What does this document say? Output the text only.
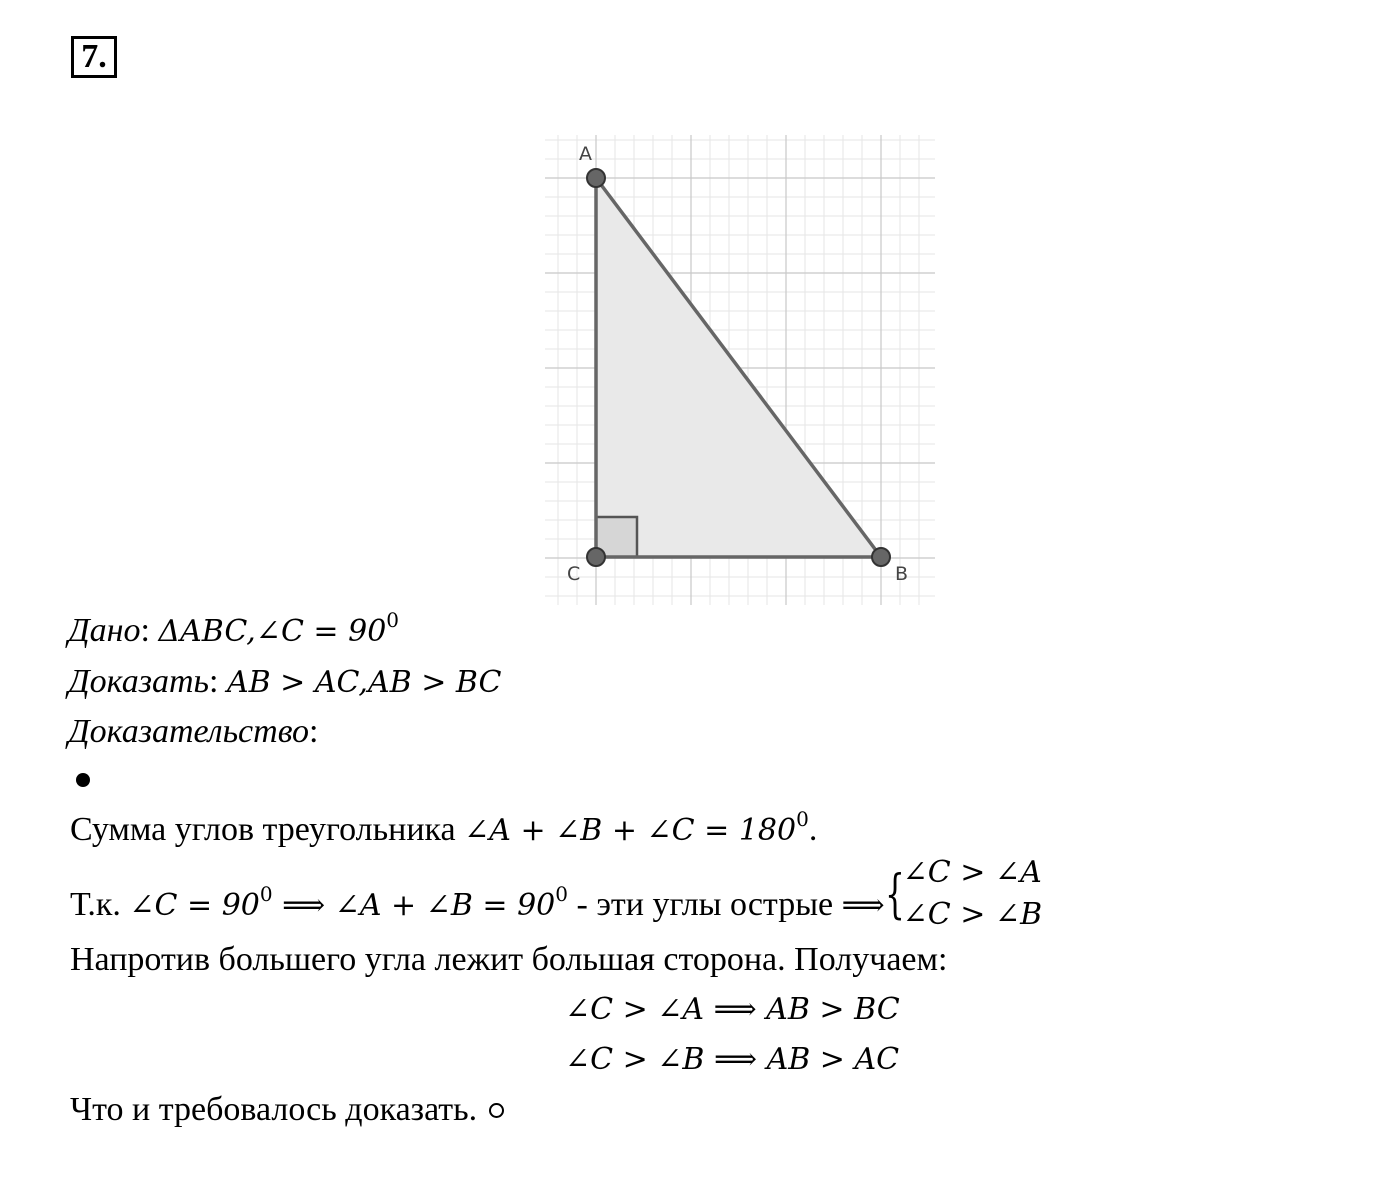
7.
A
C	B
Дано: ΔABC,∠C = $90^0$
Доказать: AB > AC,AB > BC
Доказательство:
Сумма углов треугольника ∠A + ∠B + ∠C = $180^0$.
Т.к. ∠C = $90^0$ ⟹ ∠A + ∠B = $90^0$ - эти углы острые ⟹ {
∠C > ∠A
∠C > ∠B
Напротив большего угла лежит большая сторона. Получаем:
∠C > ∠A ⟹ AB > BC
∠C > ∠B ⟹ AB > AC
Что и требовалось доказать.
